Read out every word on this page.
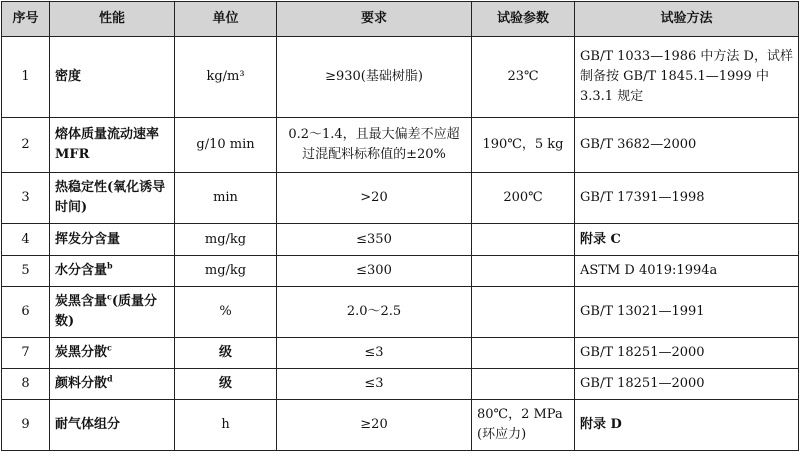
序号	性能	单位	要求	试验参数	试验方法
1	密度	kg/m³	≥930(基础树脂)	23℃	GB/T 1033—1986 中方法 D，试样制备按 GB/T 1845.1—1999 中 3.3.1 规定
2	熔体质量流动速率 MFR	g/10 min	0.2～1.4，且最大偏差不应超过混配料标称值的±20%	190℃，5 kg	GB/T 3682—2000
3	热稳定性(氧化诱导时间)	min	>20	200℃	GB/T 17391—1998
4	挥发分含量	mg/kg	≤350		附录 C
5	水分含量$^b$	mg/kg	≤300		ASTM D 4019:1994a
6	炭黑含量$^c$(质量分数)	%	2.0～2.5		GB/T 13021—1991
7	炭黑分散$^c$	级	≤3		GB/T 18251—2000
8	颜料分散$^d$	级	≤3		GB/T 18251—2000
9	耐气体组分	h	≥20	80℃，2 MPa (环应力)	附录 D
